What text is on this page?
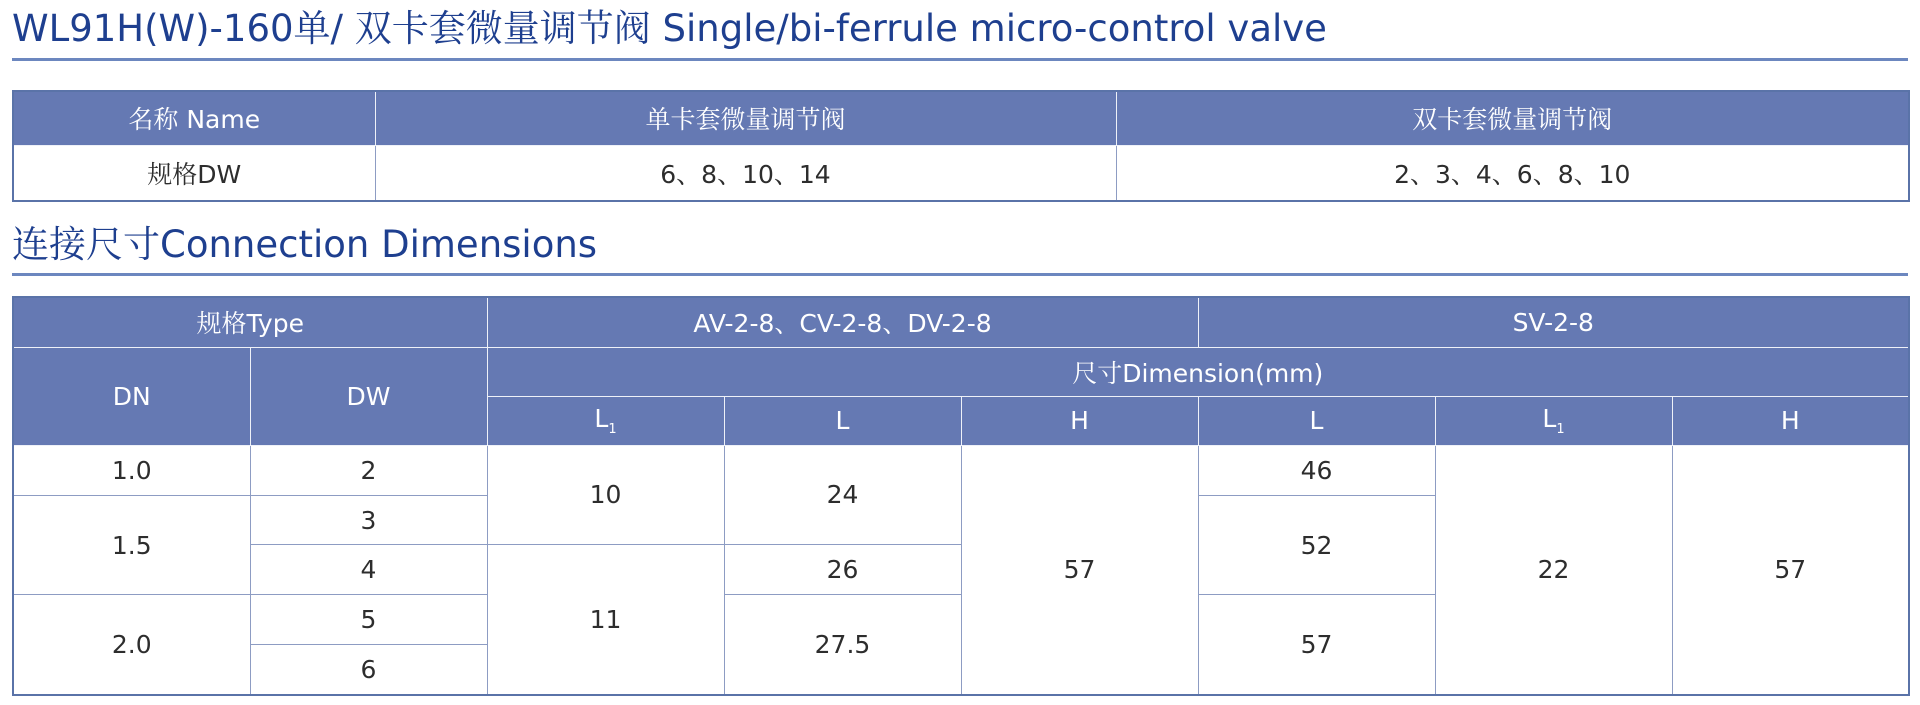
WL91H(W)-160单/ 双卡套微量调节阀 Single/bi-ferrule micro-control valve
名称 Name	单卡套微量调节阀	双卡套微量调节阀
规格DW	6、8、10、14	2、3、4、6、8、10
连接尺寸Connection Dimensions
规格Type		AV-2-8、CV-2-8、DV-2-8			SV-2-8		
DN	DW	尺寸Dimension(mm)					
		$L_1$	L	H	L	$L_1$	H
1.0	2	10	24	57	46	22	57
1.5	3				52		
	4	11	26				
2.0	5		27.5		57		
	6						
